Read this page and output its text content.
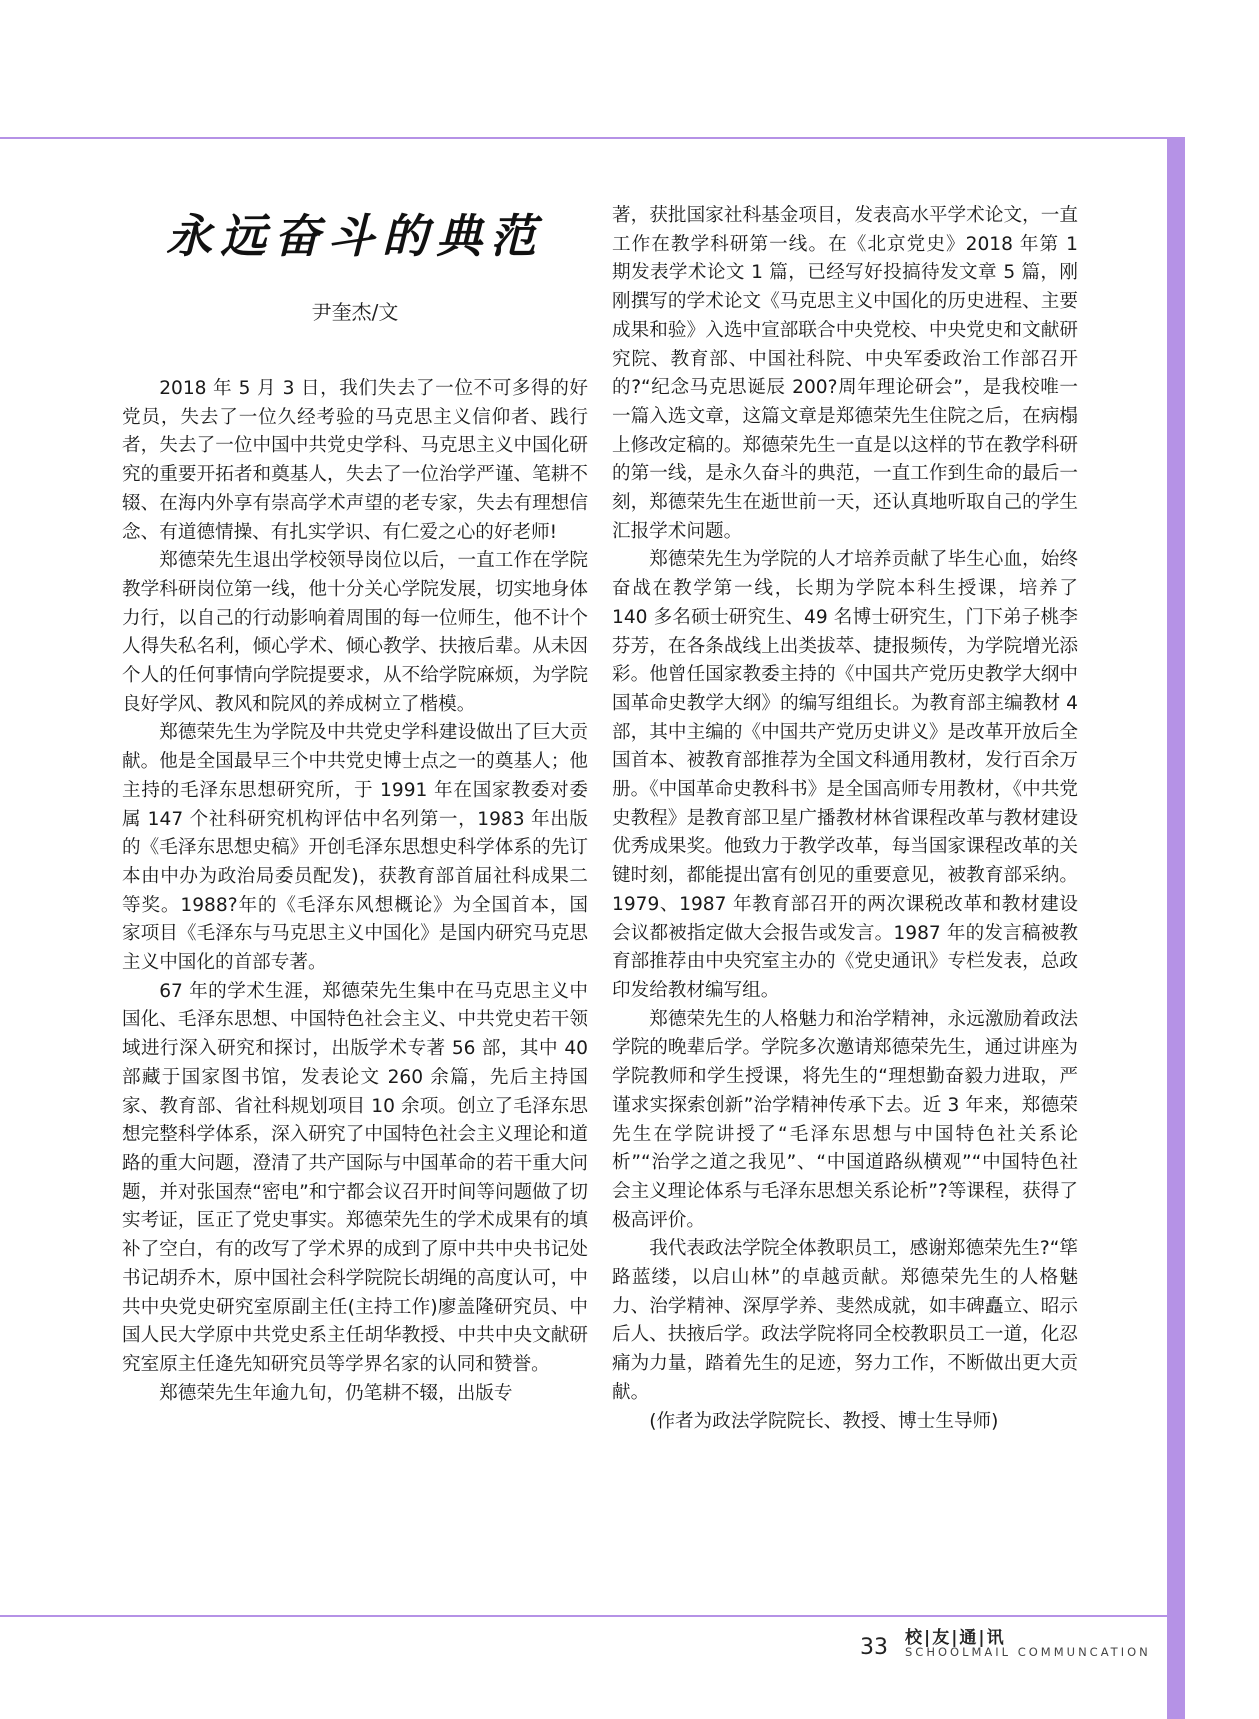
永远奋斗的典范
尹奎杰/文

2018 年 5 月 3 日，我们失去了一位不可多得的好党员，失去了一位久经考验的马克思主义信仰者、践行者，失去了一位中国中共党史学科、马克思主义中国化研究的重要开拓者和奠基人，失去了一位治学严谨、笔耕不辍、在海内外享有崇高学术声望的老专家，失去有理想信念、有道德情操、有扎实学识、有仁爱之心的好老师!

郑德荣先生退出学校领导岗位以后，一直工作在学院教学科研岗位第一线，他十分关心学院发展，切实地身体力行，以自己的行动影响着周围的每一位师生，他不计个人得失私名利，倾心学术、倾心教学、扶掖后辈。从未因个人的任何事情向学院提要求，从不给学院麻烦，为学院良好学风、教风和院风的养成树立了楷模。

郑德荣先生为学院及中共党史学科建设做出了巨大贡献。他是全国最早三个中共党史博士点之一的奠基人；他主持的毛泽东思想研究所，于 1991 年在国家教委对委属 147 个社科研究机构评估中名列第一，1983 年出版的《毛泽东思想史稿》开创毛泽东思想史科学体系的先订本由中办为政治局委员配发)，获教育部首届社科成果二等奖。1988?年的《毛泽东风想概论》为全国首本，国家项目《毛泽东与马克思主义中国化》是国内研究马克思主义中国化的首部专著。

67 年的学术生涯，郑德荣先生集中在马克思主义中国化、毛泽东思想、中国特色社会主义、中共党史若干领域进行深入研究和探讨，出版学术专著 56 部，其中 40 部藏于国家图书馆，发表论文 260 余篇，先后主持国家、教育部、省社科规划项目 10 余项。创立了毛泽东思想完整科学体系，深入研究了中国特色社会主义理论和道路的重大问题，澄清了共产国际与中国革命的若干重大问题，并对张国焘“密电”和宁都会议召开时间等问题做了切实考证，匡正了党史事实。郑德荣先生的学术成果有的填补了空白，有的改写了学术界的成到了原中共中央书记处书记胡乔木，原中国社会科学院院长胡绳的高度认可，中共中央党史研究室原副主任(主持工作)廖盖隆研究员、中国人民大学原中共党史系主任胡华教授、中共中央文献研究室原主任逄先知研究员等学界名家的认同和赞誉。

郑德荣先生年逾九旬，仍笔耕不辍，出版专

著，获批国家社科基金项目，发表高水平学术论文，一直工作在教学科研第一线。在《北京党史》2018 年第 1 期发表学术论文 1 篇，已经写好投搞待发文章 5 篇，刚刚撰写的学术论文《马克思主义中国化的历史进程、主要成果和验》入选中宣部联合中央党校、中央党史和文献研究院、教育部、中国社科院、中央军委政治工作部召开的?“纪念马克思诞辰 200?周年理论研会”，是我校唯一一篇入选文章，这篇文章是郑德荣先生住院之后，在病榻上修改定稿的。郑德荣先生一直是以这样的节在教学科研的第一线，是永久奋斗的典范，一直工作到生命的最后一刻，郑德荣先生在逝世前一天，还认真地听取自己的学生汇报学术问题。

郑德荣先生为学院的人才培养贡献了毕生心血，始终奋战在教学第一线，长期为学院本科生授课，培养了 140 多名硕士研究生、49 名博士研究生，门下弟子桃李芬芳，在各条战线上出类拔萃、捷报频传，为学院增光添彩。他曾任国家教委主持的《中国共产党历史教学大纲中国革命史教学大纲》的编写组组长。为教育部主编教材 4 部，其中主编的《中国共产党历史讲义》是改革开放后全国首本、被教育部推荐为全国文科通用教材，发行百余万册。《中国革命史教科书》是全国高师专用教材，《中共党史教程》是教育部卫星广播教材林省课程改革与教材建设优秀成果奖。他致力于教学改革，每当国家课程改革的关键时刻，都能提出富有创见的重要意见，被教育部采纳。1979、1987 年教育部召开的两次课税改革和教材建设会议都被指定做大会报告或发言。1987 年的发言稿被教育部推荐由中央究室主办的《党史通讯》专栏发表，总政印发给教材编写组。

郑德荣先生的人格魅力和治学精神，永远激励着政法学院的晚辈后学。学院多次邀请郑德荣先生，通过讲座为学院教师和学生授课，将先生的“理想勤奋毅力进取，严谨求实探索创新”治学精神传承下去。近 3 年来，郑德荣先生在学院讲授了“毛泽东思想与中国特色社关系论析”“治学之道之我见”、“中国道路纵横观”“中国特色社会主义理论体系与毛泽东思想关系论析”?等课程，获得了极高评价。

我代表政法学院全体教职员工，感谢郑德荣先生?“筚路蓝缕，以启山林”的卓越贡献。郑德荣先生的人格魅力、治学精神、深厚学养、斐然成就，如丰碑矗立、昭示后人、扶掖后学。政法学院将同全校教职员工一道，化忍痛为力量，踏着先生的足迹，努力工作，不断做出更大贡献。

(作者为政法学院院长、教授、博士生导师)

33 校|友|通|讯
SCHOOLMAIL COMMUNCATION
